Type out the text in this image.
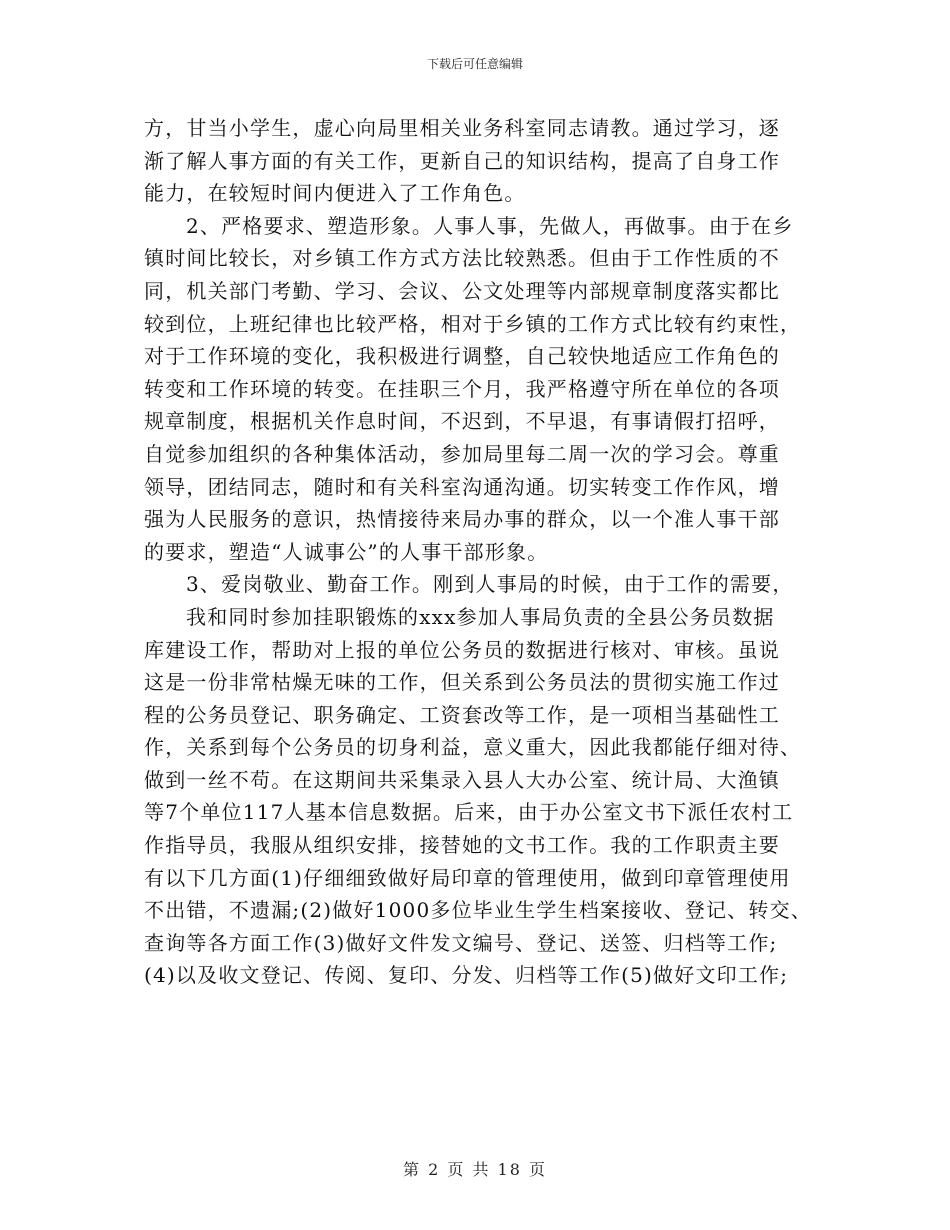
下载后可任意编辑
方，甘当小学生，虚心向局里相关业务科室同志请教。通过学习，逐
渐了解人事方面的有关工作，更新自己的知识结构，提高了自身工作
能力，在较短时间内便进入了工作角色。
2、严格要求、塑造形象。人事人事，先做人，再做事。由于在乡
镇时间比较长，对乡镇工作方式方法比较熟悉。但由于工作性质的不
同，机关部门考勤、学习、会议、公文处理等内部规章制度落实都比
较到位，上班纪律也比较严格，相对于乡镇的工作方式比较有约束性，
对于工作环境的变化，我积极进行调整，自己较快地适应工作角色的
转变和工作环境的转变。在挂职三个月，我严格遵守所在单位的各项
规章制度，根据机关作息时间，不迟到，不早退，有事请假打招呼，
自觉参加组织的各种集体活动，参加局里每二周一次的学习会。尊重
领导，团结同志，随时和有关科室沟通沟通。切实转变工作作风，增
强为人民服务的意识，热情接待来局办事的群众，以一个准人事干部
的要求，塑造“人诚事公”的人事干部形象。
3、爱岗敬业、勤奋工作。刚到人事局的时候，由于工作的需要，
我和同时参加挂职锻炼的xxx参加人事局负责的全县公务员数据
库建设工作，帮助对上报的单位公务员的数据进行核对、审核。虽说
这是一份非常枯燥无味的工作，但关系到公务员法的贯彻实施工作过
程的公务员登记、职务确定、工资套改等工作，是一项相当基础性工
作，关系到每个公务员的切身利益，意义重大，因此我都能仔细对待、
做到一丝不苟。在这期间共采集录入县人大办公室、统计局、大渔镇
等7个单位117人基本信息数据。后来，由于办公室文书下派任农村工
作指导员，我服从组织安排，接替她的文书工作。我的工作职责主要
有以下几方面(1)仔细细致做好局印章的管理使用，做到印章管理使用
不出错，不遗漏;(2)做好1000多位毕业生学生档案接收、登记、转交、
查询等各方面工作(3)做好文件发文编号、登记、送签、归档等工作;
(4)以及收文登记、传阅、复印、分发、归档等工作(5)做好文印工作;
第 2 页 共 18 页
